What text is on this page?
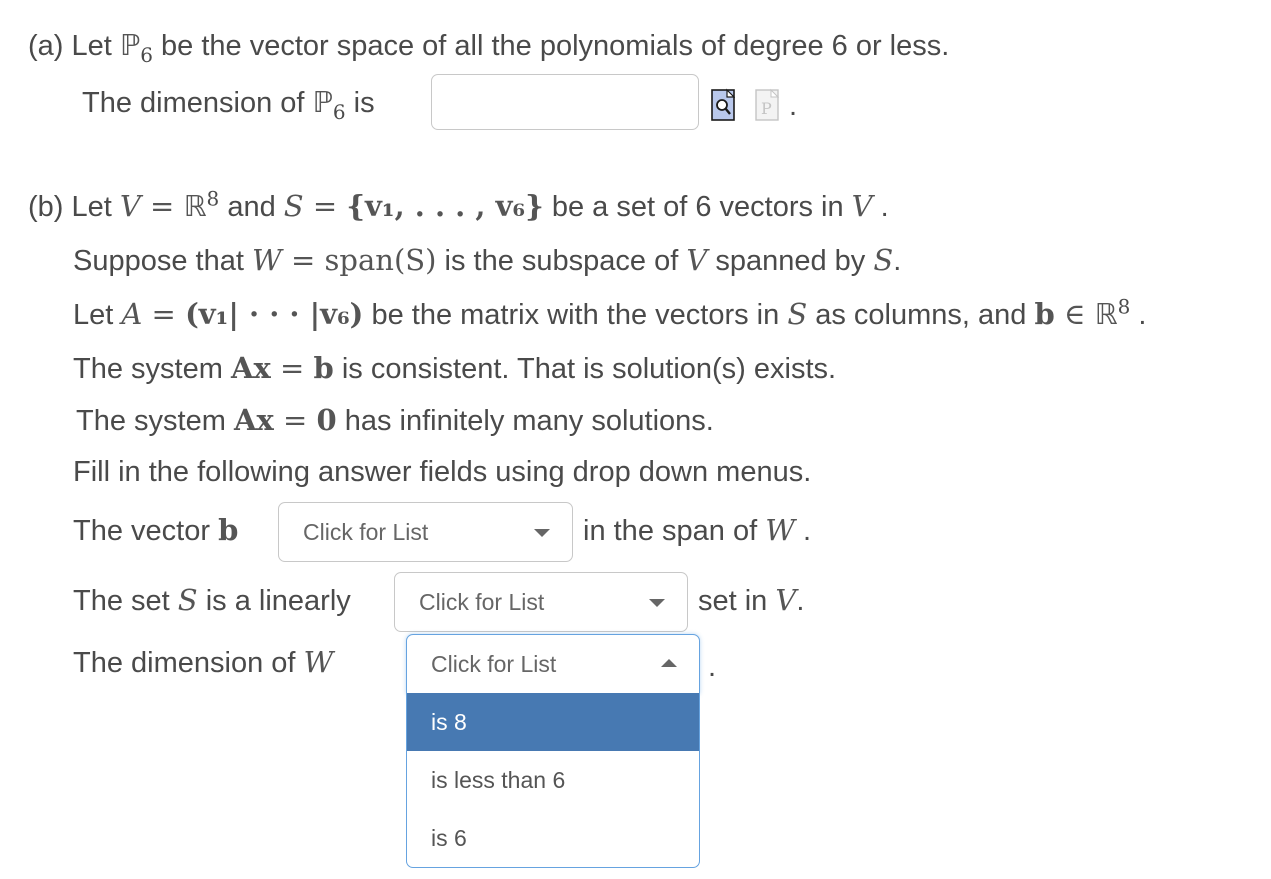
(a) Let ℙ$_6$ be the vector space of all the polynomials of degree 6 or less.
The dimension of ℙ$_6$ is	P .
(b) Let V = ℝ$^8$ and S = {v₁, . . . , v₆} be a set of 6 vectors in V .
Suppose that W = span(S) is the subspace of V spanned by S.
Let A = (v₁| · · · |v₆) be the matrix with the vectors in S as columns, and b ∈ ℝ$^8$ .
The system Ax = b is consistent. That is solution(s) exists.
The system Ax = 0 has infinitely many solutions.
Fill in the following answer fields using drop down menus.
The vector b	Click for List	in the span of W .
The set S is a linearly	Click for List	set in V.
The dimension of W	Click for List	.
is 8
is less than 6
is 6
